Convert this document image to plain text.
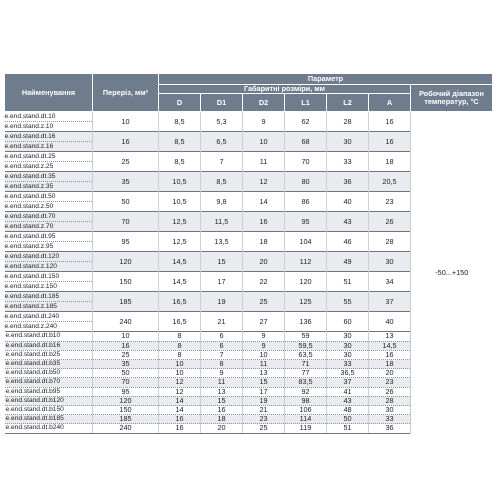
Найменування	Переріз, мм²	Параметр						
		Габаритні розміри, мм						Робочий діапазон температур, °C
		D	D1	D2	L1	L2	A	

e.end.stand.dt.10
e.end.stand.z.10	10	8,5	5,3	9	62	28	16	-50...+150

e.end.stand.dt.16
e.end.stand.z.16	16	8,5	6,5	10	68	30	16	

e.end.stand.dt.25
e.end.stand.z.25	25	8,5	7	11	70	33	18	

e.end.stand.dt.35
e.end.stand.z.35	35	10,5	8,5	12	80	36	20,5	

e.end.stand.dt.50
e.end.stand.z.50	50	10,5	9,8	14	86	40	23	

e.end.stand.dt.70
e.end.stand.z.70	70	12,5	11,5	16	95	43	26	

e.end.stand.dt.95
e.end.stand.z.95	95	12,5	13,5	18	104	46	28	

e.end.stand.dt.120
e.end.stand.z.120	120	14,5	15	20	112	49	30	

e.end.stand.dt.150
e.end.stand.z.150	150	14,5	17	22	120	51	34	

e.end.stand.dt.185
e.end.stand.z.185	185	16,5	19	25	125	55	37	

e.end.stand.dt.240
e.end.stand.z.240	240	16,5	21	27	136	60	40	
e.end.stand.dt.b10	10	8	6	9	59	30	13	
e.end.stand.dt.b16	16	8	6	9	59,5	30	14,5	
e.end.stand.dt.b25	25	8	7	10	63,5	30	16	
e.end.stand.dt.b35	35	10	8	11	71	33	18	
e.end.stand.dt.b50	50	10	9	13	77	36,5	20	
e.end.stand.dt.b70	70	12	11	15	83,5	37	23	
e.end.stand.dt.b95	95	12	13	17	92	41	26	
e.end.stand.dt.b120	120	14	15	19	98	43	28	
e.end.stand.dt.b150	150	14	16	21	106	48	30	
e.end.stand.dt.b185	185	16	18	23	114	50	33	
e.end.stand.dt.b240	240	16	20	25	119	51	36	
